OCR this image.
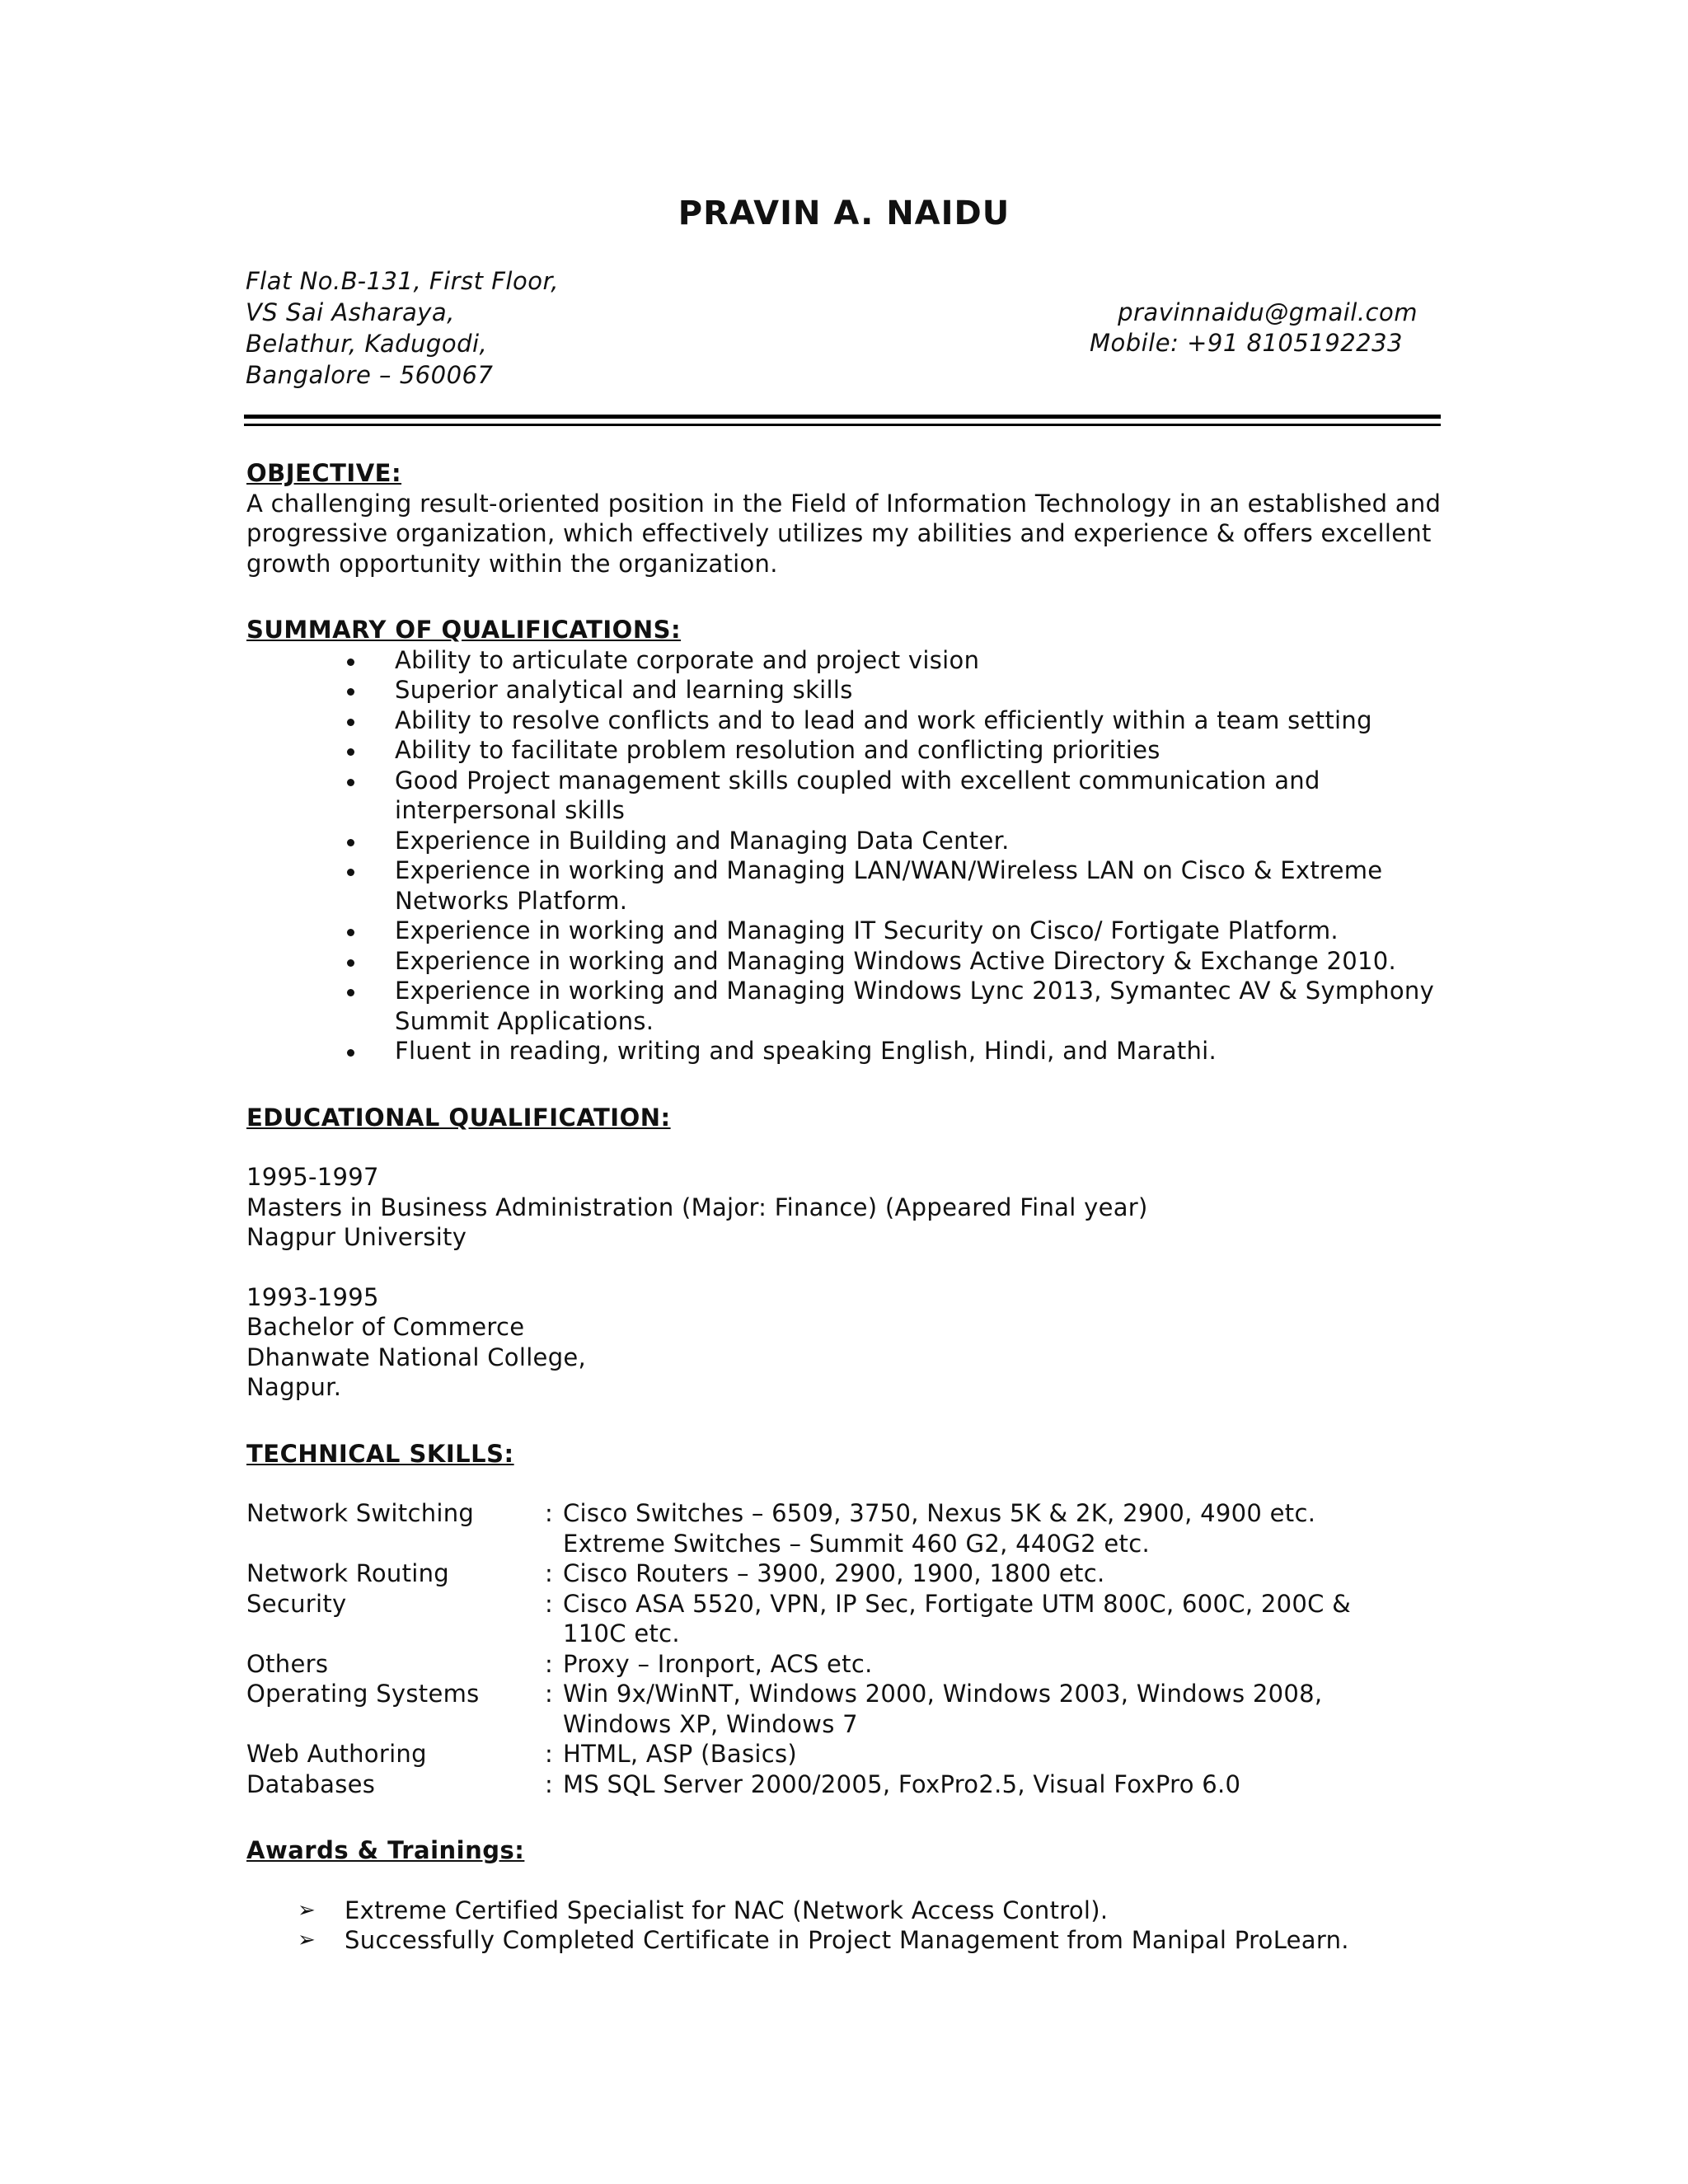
PRAVIN A. NAIDU
Flat No.B-131, First Floor,
VS Sai Asharaya,
Belathur, Kadugodi,
Bangalore – 560067
pravinnaidu@gmail.com
Mobile: +91 8105192233
OBJECTIVE:

A challenging result-oriented position in the Field of Information Technology in an established and progressive organization, which effectively utilizes my abilities and experience & offers excellent growth opportunity within the organization.

SUMMARY OF QUALIFICATIONS:
Ability to articulate corporate and project vision
Superior analytical and learning skills
Ability to resolve conflicts and to lead and work efficiently within a team setting
Ability to facilitate problem resolution and conflicting priorities
Good Project management skills coupled with excellent communication and interpersonal skills
Experience in Building and Managing Data Center.
Experience in working and Managing LAN/WAN/Wireless LAN on Cisco & Extreme Networks Platform.
Experience in working and Managing IT Security on Cisco/ Fortigate Platform.
Experience in working and Managing Windows Active Directory & Exchange 2010.
Experience in working and Managing Windows Lync 2013, Symantec AV & Symphony Summit Applications.
Fluent in reading, writing and speaking English, Hindi, and Marathi.
EDUCATIONAL QUALIFICATION:
1995-1997
Masters in Business Administration (Major: Finance) (Appeared Final year)
Nagpur University
1993-1995
Bachelor of Commerce
Dhanwate National College,
Nagpur.
TECHNICAL SKILLS:
Network Switching	:	Cisco Switches – 6509, 3750, Nexus 5K & 2K, 2900, 4900 etc.
Extreme Switches – Summit 460 G2, 440G2 etc.

Network Routing	:	Cisco Routers – 3900, 2900, 1900, 1800 etc.
Security	:	Cisco ASA 5520, VPN, IP Sec, Fortigate UTM 800C, 600C, 200C &
110C etc.

Others	:	Proxy – Ironport, ACS etc.
Operating Systems	:	Win 9x/WinNT, Windows 2000, Windows 2003, Windows 2008,
Windows XP, Windows 7

Web Authoring	:	HTML, ASP (Basics)
Databases	:	MS SQL Server 2000/2005, FoxPro2.5, Visual FoxPro 6.0
Awards & Trainings:
➢ Extreme Certified Specialist for NAC (Network Access Control).
➢ Successfully Completed Certificate in Project Management from Manipal ProLearn.
